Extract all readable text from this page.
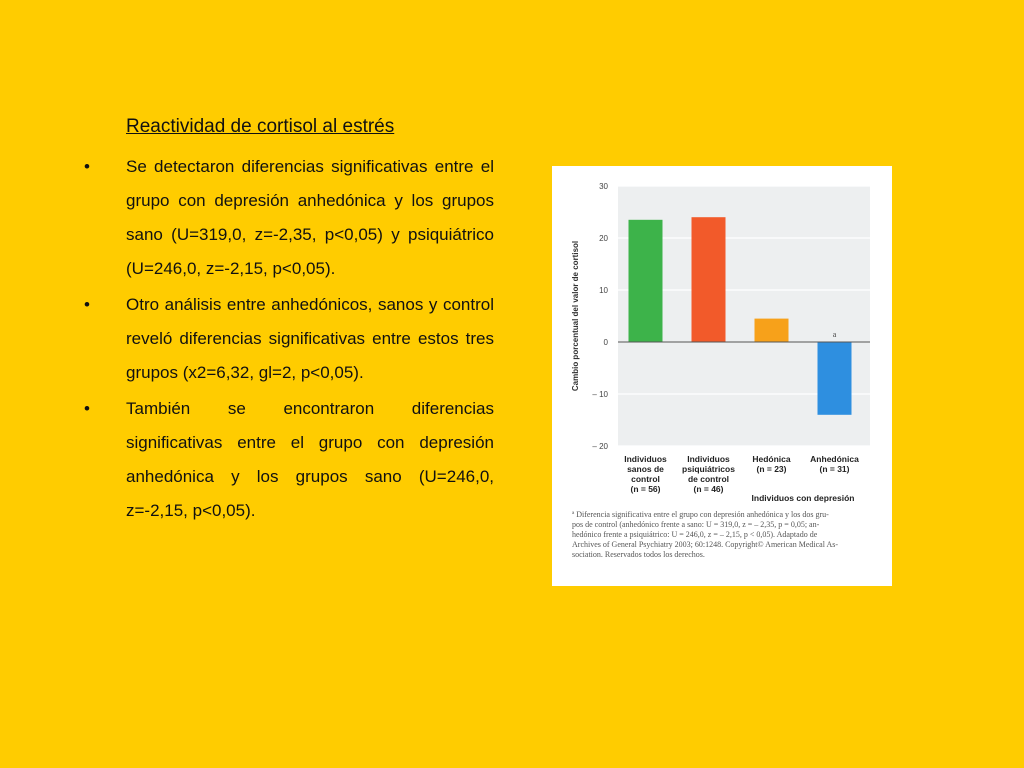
Reactividad de cortisol al estrés
•	Se detectaron diferencias significativas entre el grupo con depresión anhedónica y los grupos sano (U=319,0, z=-2,35, p<0,05) y psiquiátrico (U=246,0, z=-2,15, p<0,05).
•	Otro análisis entre anhedónicos, sanos y control reveló diferencias significativas entre estos tres grupos (x2=6,32, gl=2, p<0,05).
•	También se encontraron diferencias significativas entre el grupo con depresión anhedónica y los grupos sano (U=246,0, z=-2,15, p<0,05).
30
20
10
0
– 10
– 20
Cambio porcentual del valor de cortisol
Individuos
sanos de
control
(n = 56)
Individuos
psiquiátricos
de control
(n = 46)
Hedónica
(n = 23)
Anhedónica
(n = 31)
a
Individuos con depresión
ª Diferencia significativa entre el grupo con depresión anhedónica y los dos gru-
pos de control (anhedónico frente a sano: U = 319,0, z = – 2,35, p = 0,05; an-
hedónico frente a psiquiátrico: U = 246,0, z = – 2,15, p < 0,05). Adaptado de
Archives of General Psychiatry 2003; 60:1248. Copyright© American Medical As-
sociation. Reservados todos los derechos.
